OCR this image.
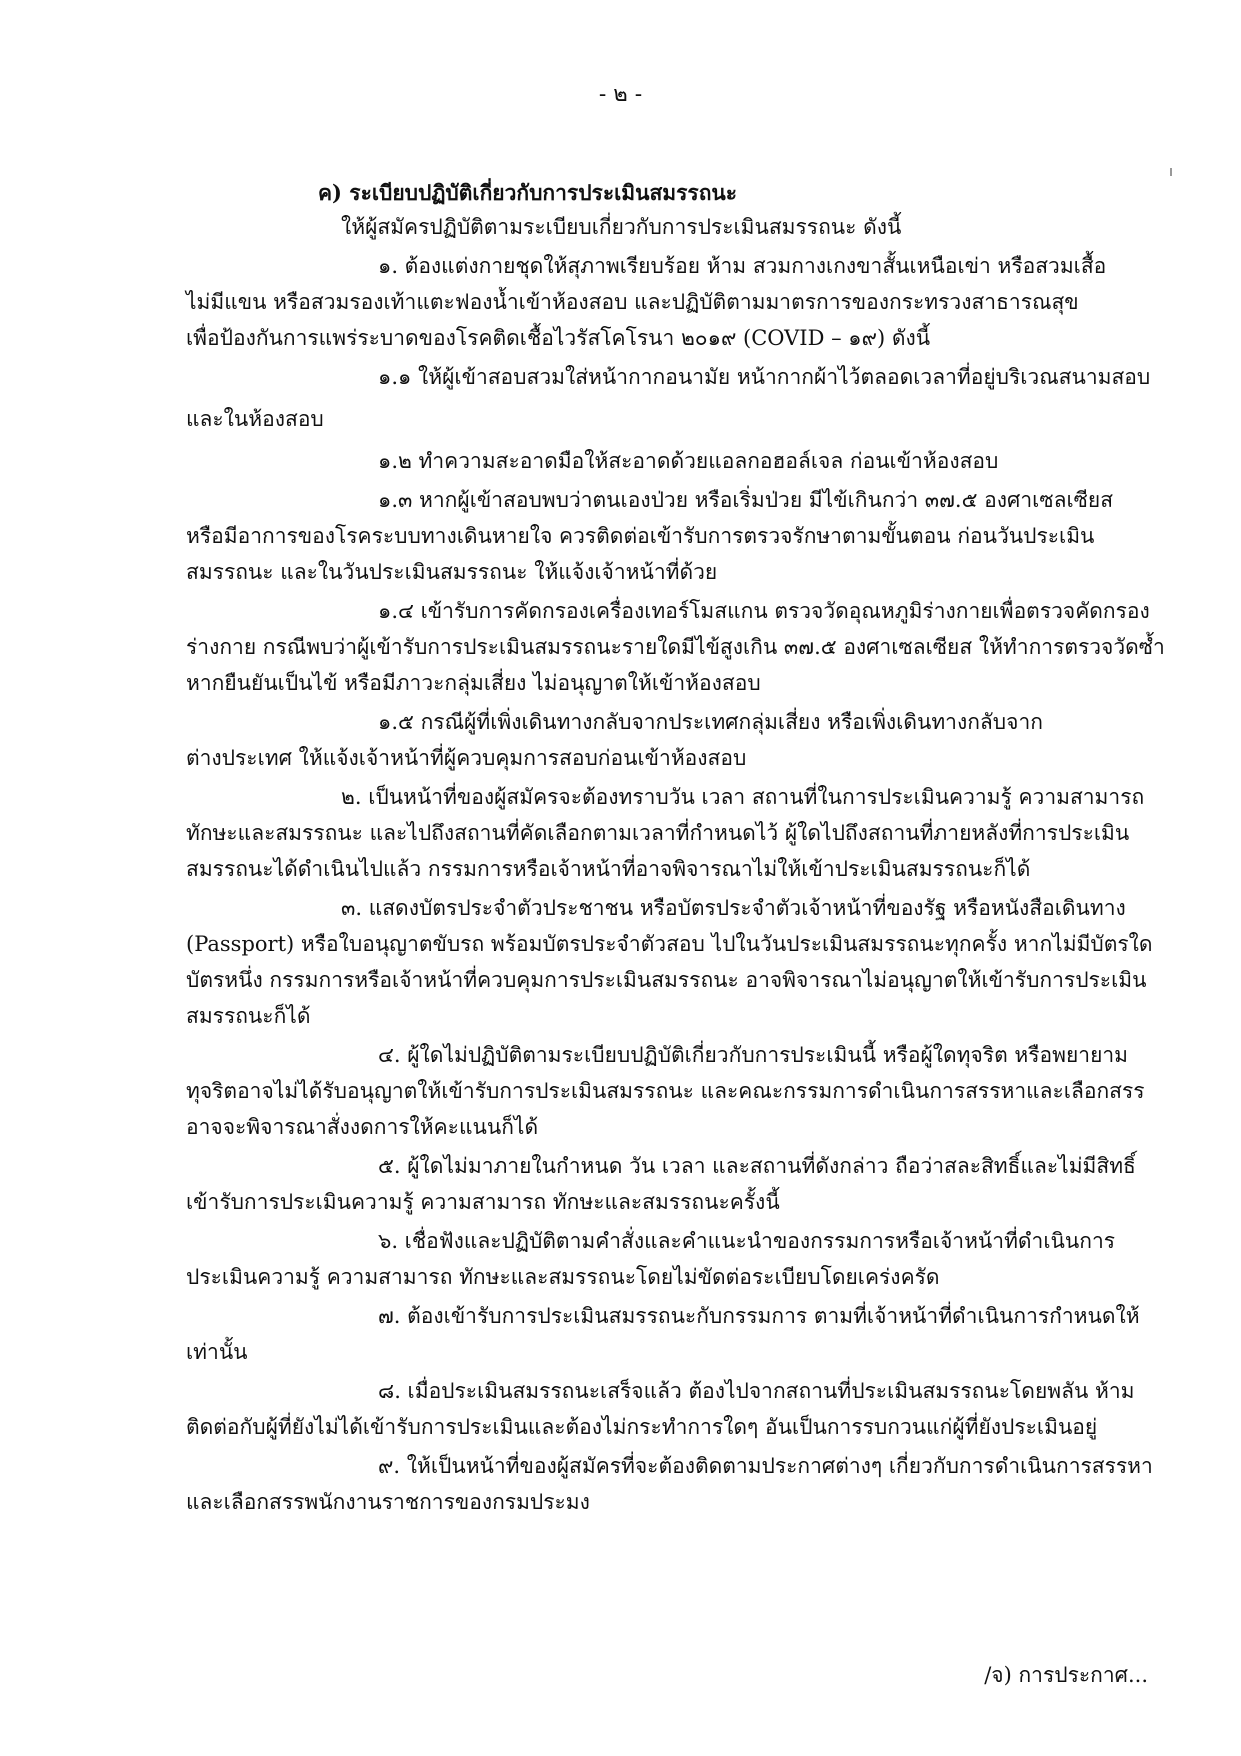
- ๒ -
ค) ระเบียบปฏิบัติเกี่ยวกับการประเมินสมรรถนะ
ให้ผู้สมัครปฏิบัติตามระเบียบเกี่ยวกับการประเมินสมรรถนะ ดังนี้
๑. ต้องแต่งกายชุดให้สุภาพเรียบร้อย ห้าม สวมกางเกงขาสั้นเหนือเข่า หรือสวมเสื้อ
ไม่มีแขน หรือสวมรองเท้าแตะฟองน้ำเข้าห้องสอบ และปฏิบัติตามมาตรการของกระทรวงสาธารณสุข
เพื่อป้องกันการแพร่ระบาดของโรคติดเชื้อไวรัสโคโรนา ๒๐๑๙ (COVID – ๑๙) ดังนี้
๑.๑ ให้ผู้เข้าสอบสวมใส่หน้ากากอนามัย หน้ากากผ้าไว้ตลอดเวลาที่อยู่บริเวณสนามสอบ
และในห้องสอบ
๑.๒ ทำความสะอาดมือให้สะอาดด้วยแอลกอฮอล์เจล ก่อนเข้าห้องสอบ
๑.๓ หากผู้เข้าสอบพบว่าตนเองป่วย หรือเริ่มป่วย มีไข้เกินกว่า ๓๗.๕ องศาเซลเซียส
หรือมีอาการของโรคระบบทางเดินหายใจ ควรติดต่อเข้ารับการตรวจรักษาตามขั้นตอน ก่อนวันประเมิน
สมรรถนะ และในวันประเมินสมรรถนะ ให้แจ้งเจ้าหน้าที่ด้วย
๑.๔ เข้ารับการคัดกรองเครื่องเทอร์โมสแกน ตรวจวัดอุณหภูมิร่างกายเพื่อตรวจคัดกรอง
ร่างกาย กรณีพบว่าผู้เข้ารับการประเมินสมรรถนะรายใดมีไข้สูงเกิน ๓๗.๕ องศาเซลเซียส ให้ทำการตรวจวัดซ้ำ
หากยืนยันเป็นไข้ หรือมีภาวะกลุ่มเสี่ยง ไม่อนุญาตให้เข้าห้องสอบ
๑.๕ กรณีผู้ที่เพิ่งเดินทางกลับจากประเทศกลุ่มเสี่ยง หรือเพิ่งเดินทางกลับจาก
ต่างประเทศ ให้แจ้งเจ้าหน้าที่ผู้ควบคุมการสอบก่อนเข้าห้องสอบ
๒. เป็นหน้าที่ของผู้สมัครจะต้องทราบวัน เวลา สถานที่ในการประเมินความรู้ ความสามารถ
ทักษะและสมรรถนะ และไปถึงสถานที่คัดเลือกตามเวลาที่กำหนดไว้ ผู้ใดไปถึงสถานที่ภายหลังที่การประเมิน
สมรรถนะได้ดำเนินไปแล้ว กรรมการหรือเจ้าหน้าที่อาจพิจารณาไม่ให้เข้าประเมินสมรรถนะก็ได้
๓. แสดงบัตรประจำตัวประชาชน หรือบัตรประจำตัวเจ้าหน้าที่ของรัฐ หรือหนังสือเดินทาง
(Passport) หรือใบอนุญาตขับรถ พร้อมบัตรประจำตัวสอบ ไปในวันประเมินสมรรถนะทุกครั้ง หากไม่มีบัตรใด
บัตรหนึ่ง กรรมการหรือเจ้าหน้าที่ควบคุมการประเมินสมรรถนะ อาจพิจารณาไม่อนุญาตให้เข้ารับการประเมิน
สมรรถนะก็ได้
๔. ผู้ใดไม่ปฏิบัติตามระเบียบปฏิบัติเกี่ยวกับการประเมินนี้ หรือผู้ใดทุจริต หรือพยายาม
ทุจริตอาจไม่ได้รับอนุญาตให้เข้ารับการประเมินสมรรถนะ และคณะกรรมการดำเนินการสรรหาและเลือกสรร
อาจจะพิจารณาสั่งงดการให้คะแนนก็ได้
๕. ผู้ใดไม่มาภายในกำหนด วัน เวลา และสถานที่ดังกล่าว ถือว่าสละสิทธิ์และไม่มีสิทธิ์
เข้ารับการประเมินความรู้ ความสามารถ ทักษะและสมรรถนะครั้งนี้
๖. เชื่อฟังและปฏิบัติตามคำสั่งและคำแนะนำของกรรมการหรือเจ้าหน้าที่ดำเนินการ
ประเมินความรู้ ความสามารถ ทักษะและสมรรถนะโดยไม่ขัดต่อระเบียบโดยเคร่งครัด
๗. ต้องเข้ารับการประเมินสมรรถนะกับกรรมการ ตามที่เจ้าหน้าที่ดำเนินการกำหนดให้
เท่านั้น
๘. เมื่อประเมินสมรรถนะเสร็จแล้ว ต้องไปจากสถานที่ประเมินสมรรถนะโดยพลัน ห้าม
ติดต่อกับผู้ที่ยังไม่ได้เข้ารับการประเมินและต้องไม่กระทำการใดๆ อันเป็นการรบกวนแก่ผู้ที่ยังประเมินอยู่
๙. ให้เป็นหน้าที่ของผู้สมัครที่จะต้องติดตามประกาศต่างๆ เกี่ยวกับการดำเนินการสรรหา
และเลือกสรรพนักงานราชการของกรมประมง
/จ) การประกาศ...
